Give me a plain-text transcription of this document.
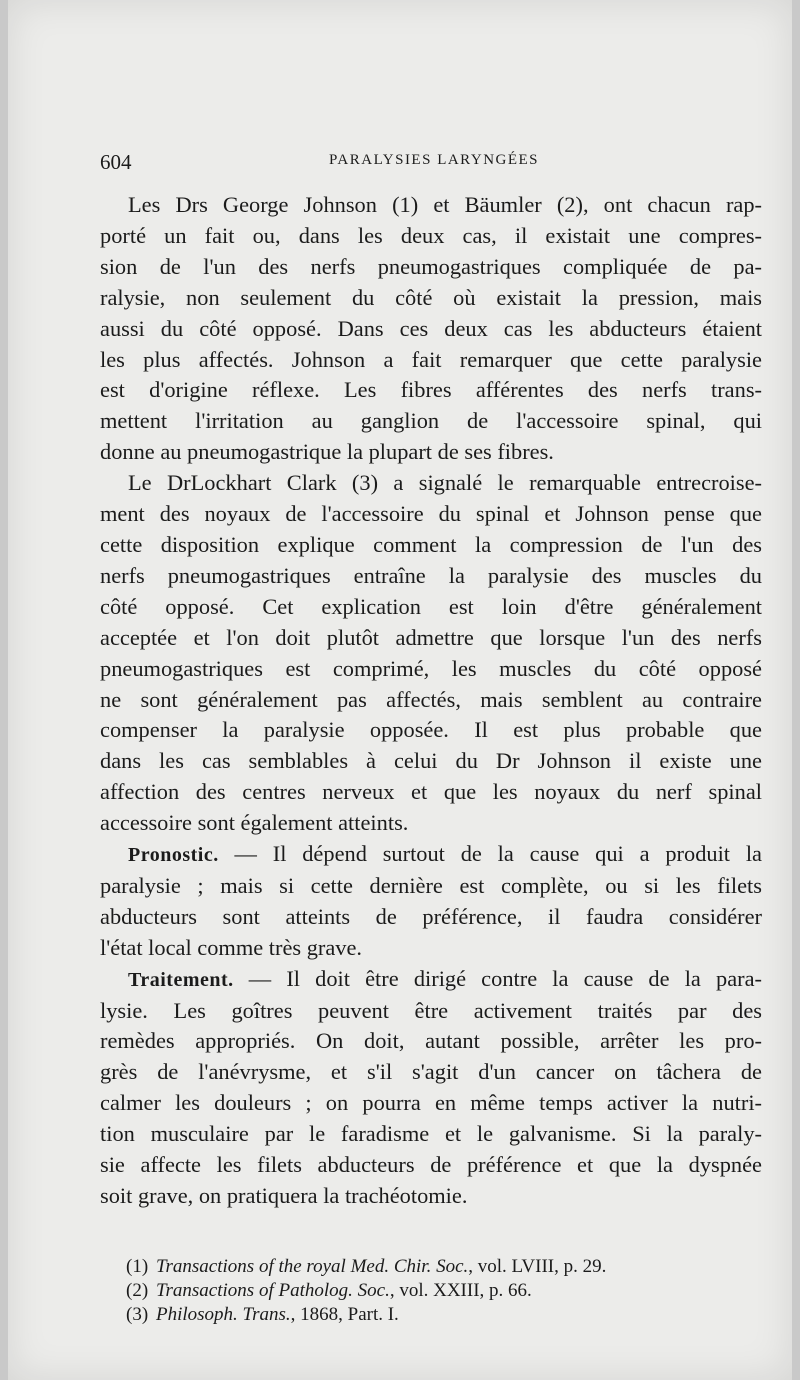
604	PARALYSIES LARYNGÉES
Les Drs George Johnson (1) et Bäumler (2), ont chacun rap-
porté un fait ou, dans les deux cas, il existait une compres-
sion de l'un des nerfs pneumogastriques compliquée de pa-
ralysie, non seulement du côté où existait la pression, mais
aussi du côté opposé. Dans ces deux cas les abducteurs étaient
les plus affectés. Johnson a fait remarquer que cette paralysie
est d'origine réflexe. Les fibres afférentes des nerfs trans-
mettent l'irritation au ganglion de l'accessoire spinal, qui
donne au pneumogastrique la plupart de ses fibres.
Le DrLockhart Clark (3) a signalé le remarquable entrecroise-
ment des noyaux de l'accessoire du spinal et Johnson pense que
cette disposition explique comment la compression de l'un des
nerfs pneumogastriques entraîne la paralysie des muscles du
côté opposé. Cet explication est loin d'être généralement
acceptée et l'on doit plutôt admettre que lorsque l'un des nerfs
pneumogastriques est comprimé, les muscles du côté opposé
ne sont généralement pas affectés, mais semblent au contraire
compenser la paralysie opposée. Il est plus probable que
dans les cas semblables à celui du Dr Johnson il existe une
affection des centres nerveux et que les noyaux du nerf spinal
accessoire sont également atteints.
Pronostic. — Il dépend surtout de la cause qui a produit la
paralysie ; mais si cette dernière est complète, ou si les filets
abducteurs sont atteints de préférence, il faudra considérer
l'état local comme très grave.
Traitement. — Il doit être dirigé contre la cause de la para-
lysie. Les goîtres peuvent être activement traités par des
remèdes appropriés. On doit, autant possible, arrêter les pro-
grès de l'anévrysme, et s'il s'agit d'un cancer on tâchera de
calmer les douleurs ; on pourra en même temps activer la nutri-
tion musculaire par le faradisme et le galvanisme. Si la paraly-
sie affecte les filets abducteurs de préférence et que la dyspnée
soit grave, on pratiquera la trachéotomie.
(1) Transactions of the royal Med. Chir. Soc., vol. LVIII, p. 29.
(2) Transactions of Patholog. Soc., vol. XXIII, p. 66.
(3) Philosoph. Trans., 1868, Part. I.
